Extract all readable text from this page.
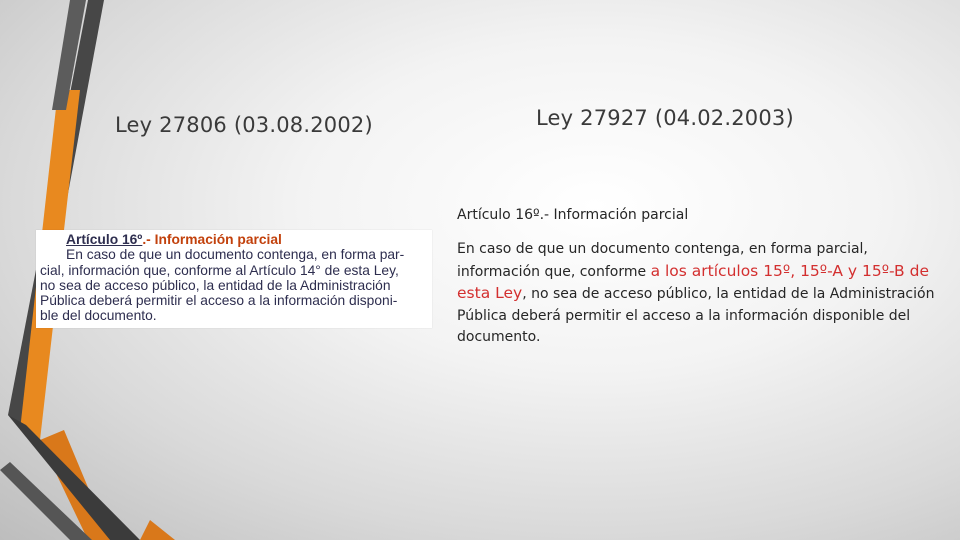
Ley 27806 (03.08.2002)	Ley 27927 (04.02.2003)
Artículo 16º.- Información parcial
En caso de que un documento contenga, en forma par-
cial, información que, conforme al Artículo 14° de esta Ley,
no sea de acceso público, la entidad de la Administración
Pública deberá permitir el acceso a la información disponi-
ble del documento.
Artículo 16º.- Información parcial
En caso de que un documento contenga, en forma parcial, información que, conforme a los artículos 15º, 15º-A y 15º-B de esta Ley, no sea de acceso público, la entidad de la Administración Pública deberá permitir el acceso a la información disponible del documento.
